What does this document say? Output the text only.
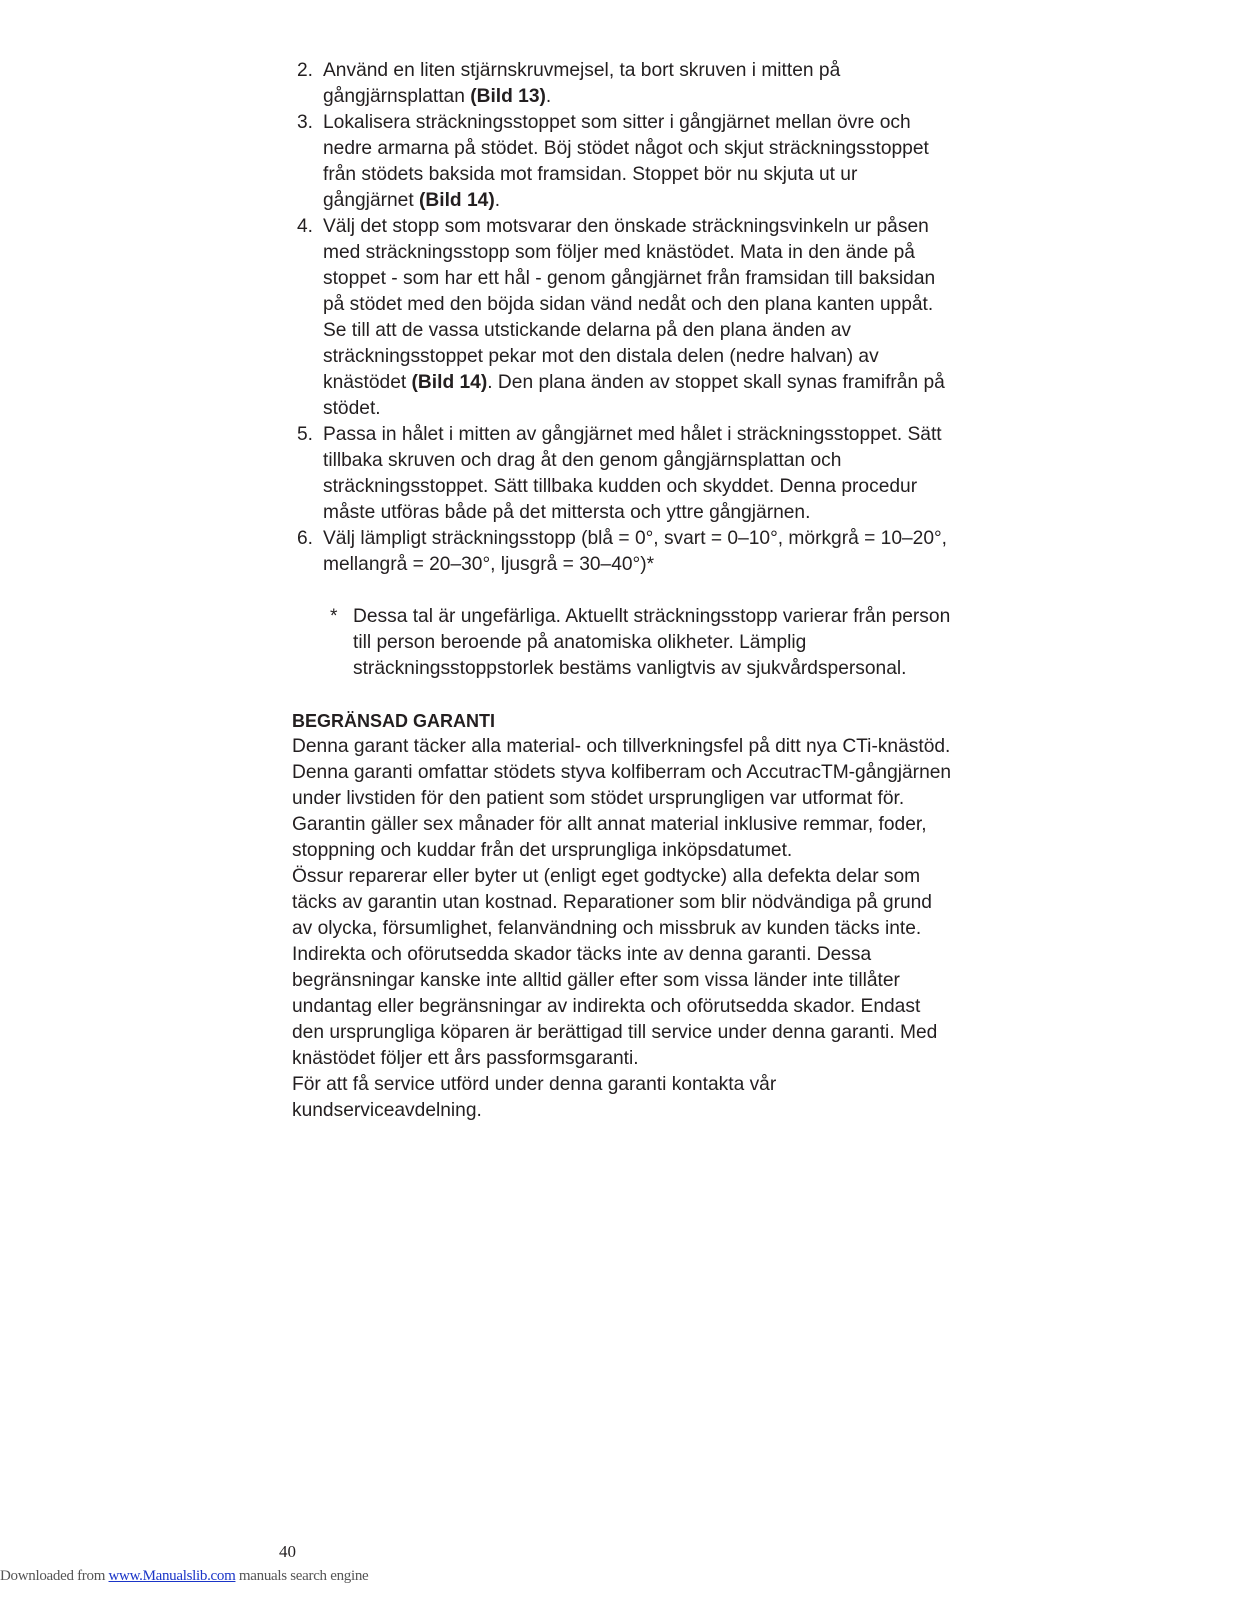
2. Använd en liten stjärnskruvmejsel, ta bort skruven i mitten på gångjärnsplattan (Bild 13).
3. Lokalisera sträckningsstoppet som sitter i gångjärnet mellan övre och nedre armarna på stödet. Böj stödet något och skjut sträckningsstoppet från stödets baksida mot framsidan. Stoppet bör nu skjuta ut ur gångjärnet (Bild 14).
4. Välj det stopp som motsvarar den önskade sträckningsvinkeln ur påsen med sträckningsstopp som följer med knästödet. Mata in den ände på stoppet - som har ett hål - genom gångjärnet från framsidan till baksidan på stödet med den böjda sidan vänd nedåt och den plana kanten uppåt. Se till att de vassa utstickande delarna på den plana änden av sträckningsstoppet pekar mot den distala delen (nedre halvan) av knästödet (Bild 14). Den plana änden av stoppet skall synas framifrån på stödet.
5. Passa in hålet i mitten av gångjärnet med hålet i sträckningsstoppet. Sätt tillbaka skruven och drag åt den genom gångjärnsplattan och sträckningsstoppet. Sätt tillbaka kudden och skyddet. Denna procedur måste utföras både på det mittersta och yttre gångjärnen.
6. Välj lämpligt sträckningsstopp (blå = 0°, svart = 0–10°, mörkgrå = 10–20°, mellangrå = 20–30°, ljusgrå = 30–40°)*
* Dessa tal är ungefärliga. Aktuellt sträckningsstopp varierar från person till person beroende på anatomiska olikheter. Lämplig sträckningsstoppstorlek bestäms vanligtvis av sjukvårdspersonal.
BEGRÄNSAD GARANTI

Denna garant täcker alla material- och tillverkningsfel på ditt nya CTi-knästöd. Denna garanti omfattar stödets styva kolfiberram och AccutracTM-gångjärnen under livstiden för den patient som stödet ursprungligen var utformat för. Garantin gäller sex månader för allt annat material inklusive remmar, foder, stoppning och kuddar från det ursprungliga inköpsdatumet.

Össur reparerar eller byter ut (enligt eget godtycke) alla defekta delar som täcks av garantin utan kostnad. Reparationer som blir nödvändiga på grund av olycka, försumlighet, felanvändning och missbruk av kunden täcks inte. Indirekta och oförutsedda skador täcks inte av denna garanti. Dessa begränsningar kanske inte alltid gäller efter som vissa länder inte tillåter undantag eller begränsningar av indirekta och oförutsedda skador. Endast den ursprungliga köparen är berättigad till service under denna garanti. Med knästödet följer ett års passformsgaranti.

För att få service utförd under denna garanti kontakta vår kundserviceavdelning.

40
Downloaded from www.Manualslib.com manuals search engine
